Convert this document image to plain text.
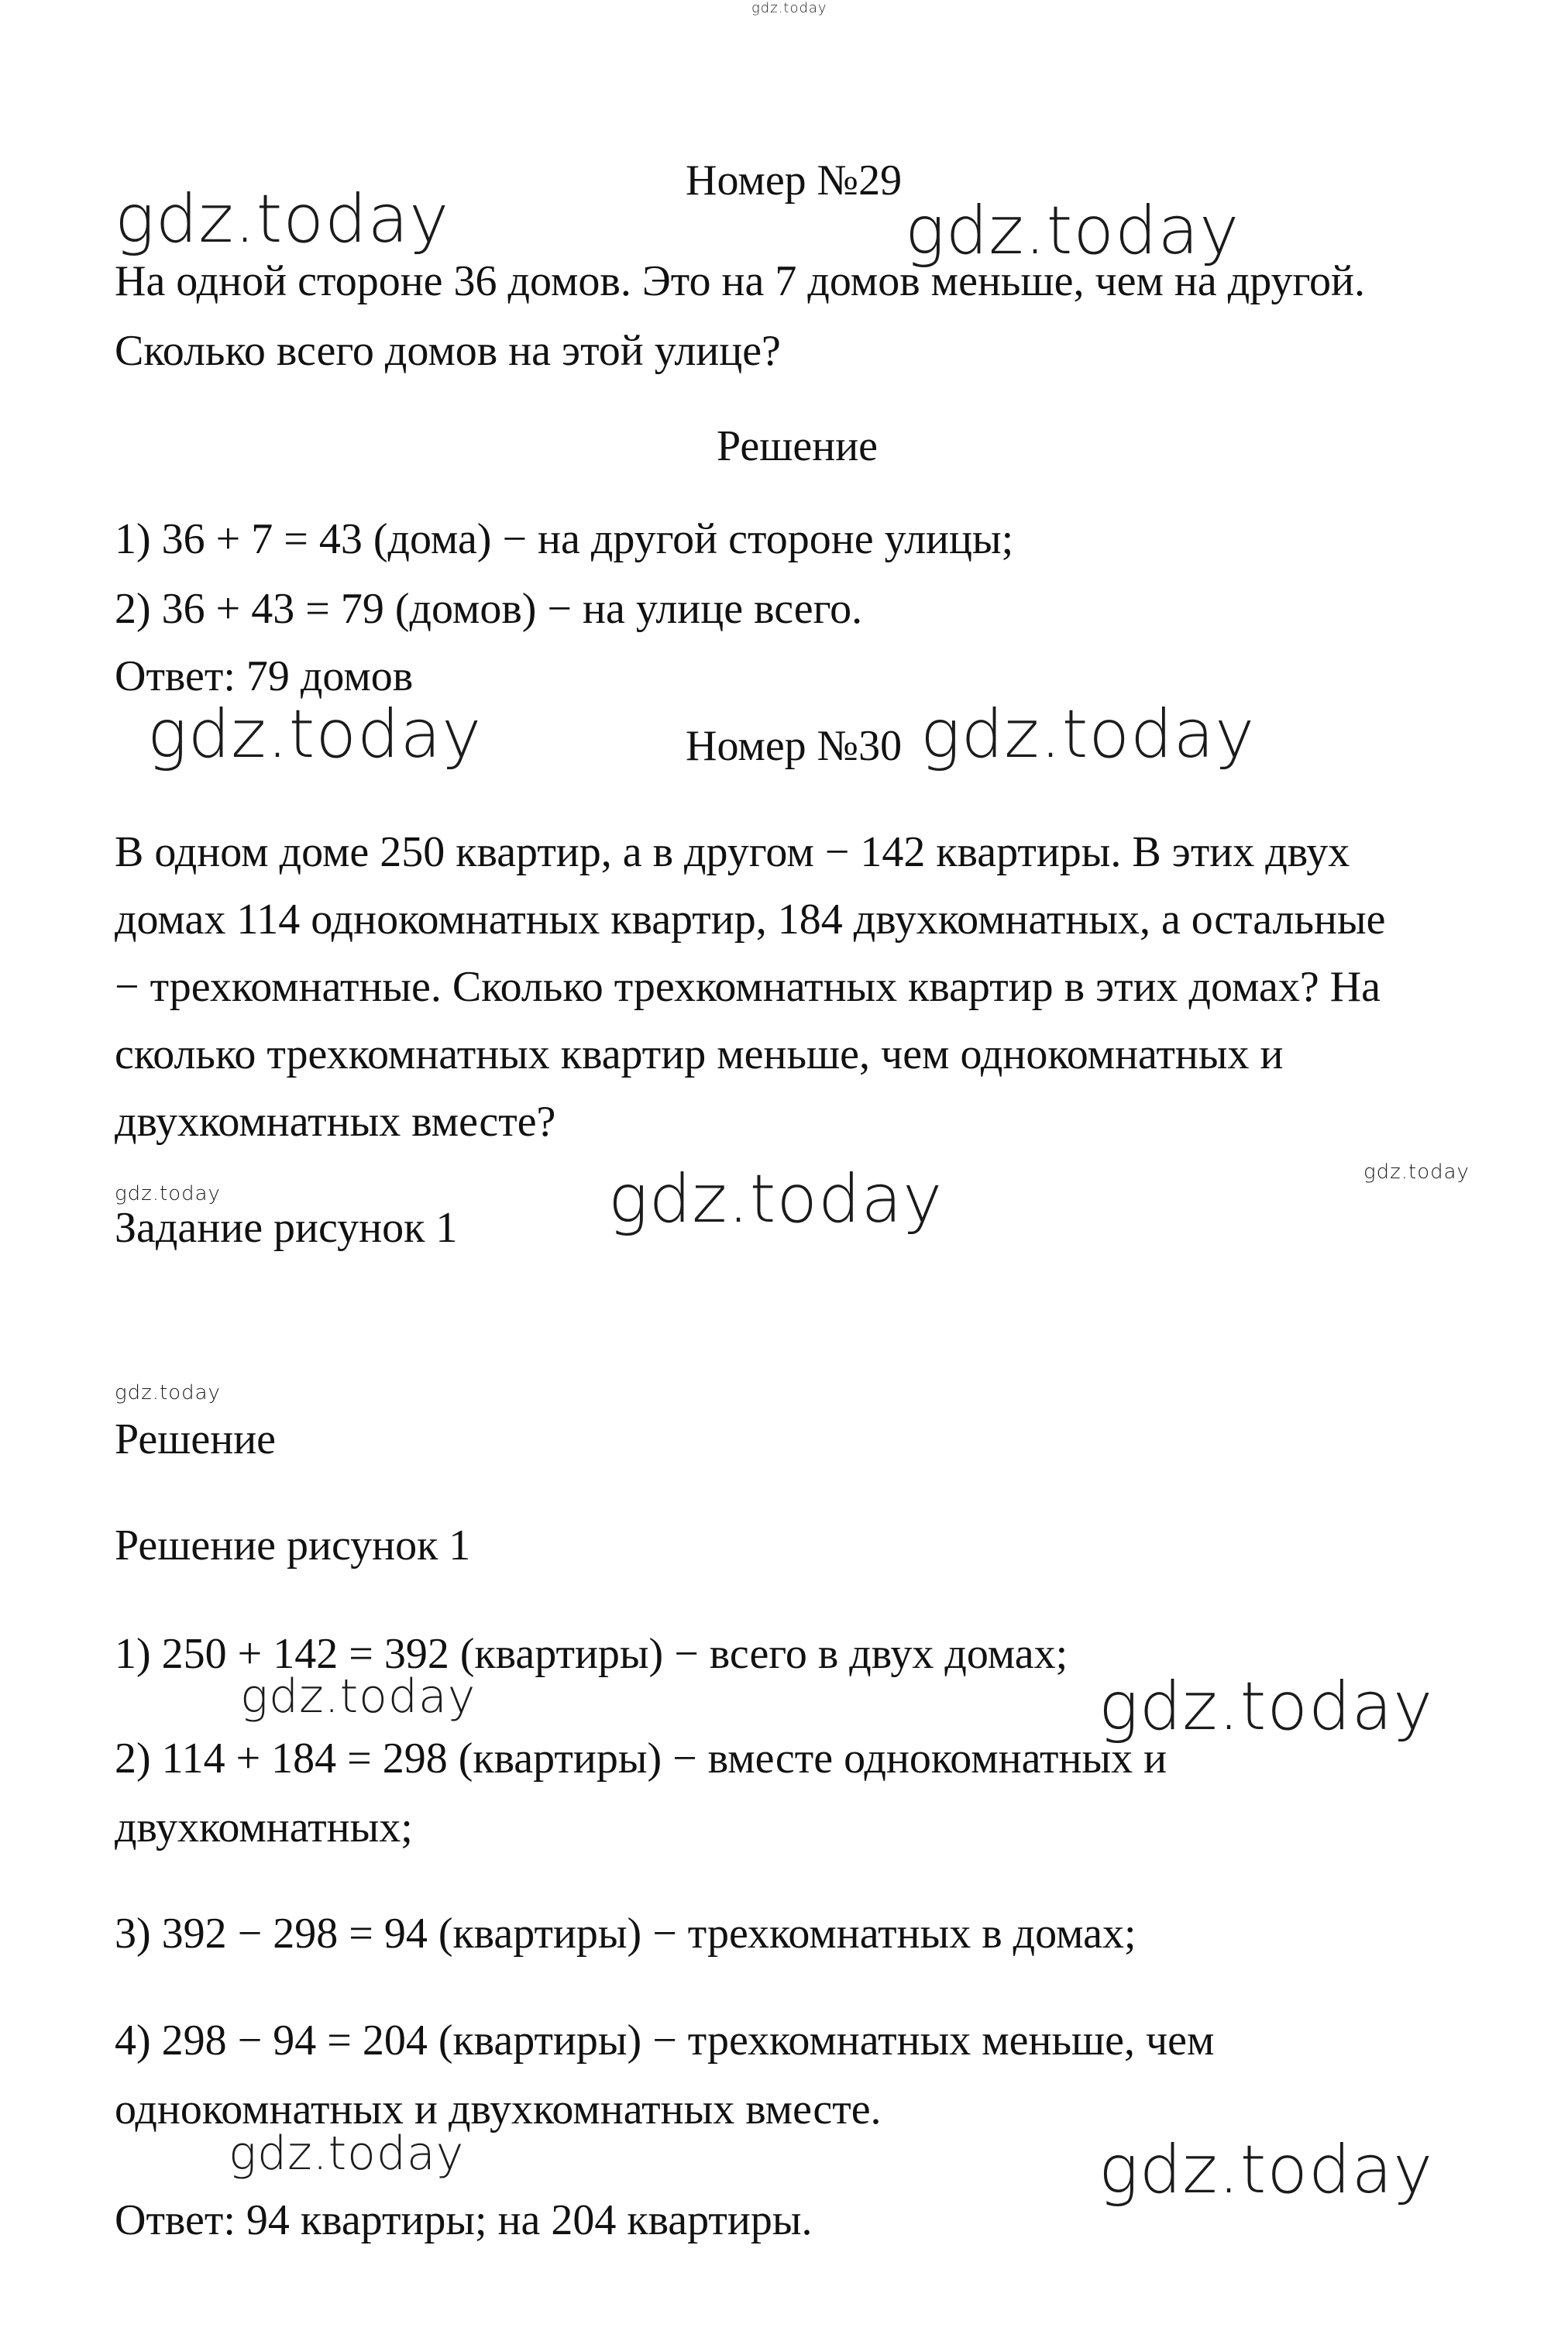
gdz.today
gdz.today	gdz.today
gdz.today	gdz.today
gdz.today	gdz.today	gdz.today
gdz.today
gdz.today
gdz.today
gdz.today	gdz.today
Номер №29
На одной стороне 36 домов. Это на 7 домов меньше, чем на другой.
Сколько всего домов на этой улице?
Решение
1) 36 + 7 = 43 (дома) − на другой стороне улицы;
2) 36 + 43 = 79 (домов) − на улице всего.
Ответ: 79 домов
Номер №30
В одном доме 250 квартир, а в другом − 142 квартиры. В этих двух
домах 114 однокомнатных квартир, 184 двухкомнатных, а остальные
− трехкомнатные. Сколько трехкомнатных квартир в этих домах? На
сколько трехкомнатных квартир меньше, чем однокомнатных и
двухкомнатных вместе?
Задание рисунок 1
Решение
Решение рисунок 1
1) 250 + 142 = 392 (квартиры) − всего в двух домах;
2) 114 + 184 = 298 (квартиры) − вместе однокомнатных и
двухкомнатных;
3) 392 − 298 = 94 (квартиры) − трехкомнатных в домах;
4) 298 − 94 = 204 (квартиры) − трехкомнатных меньше, чем
однокомнатных и двухкомнатных вместе.
Ответ: 94 квартиры; на 204 квартиры.
